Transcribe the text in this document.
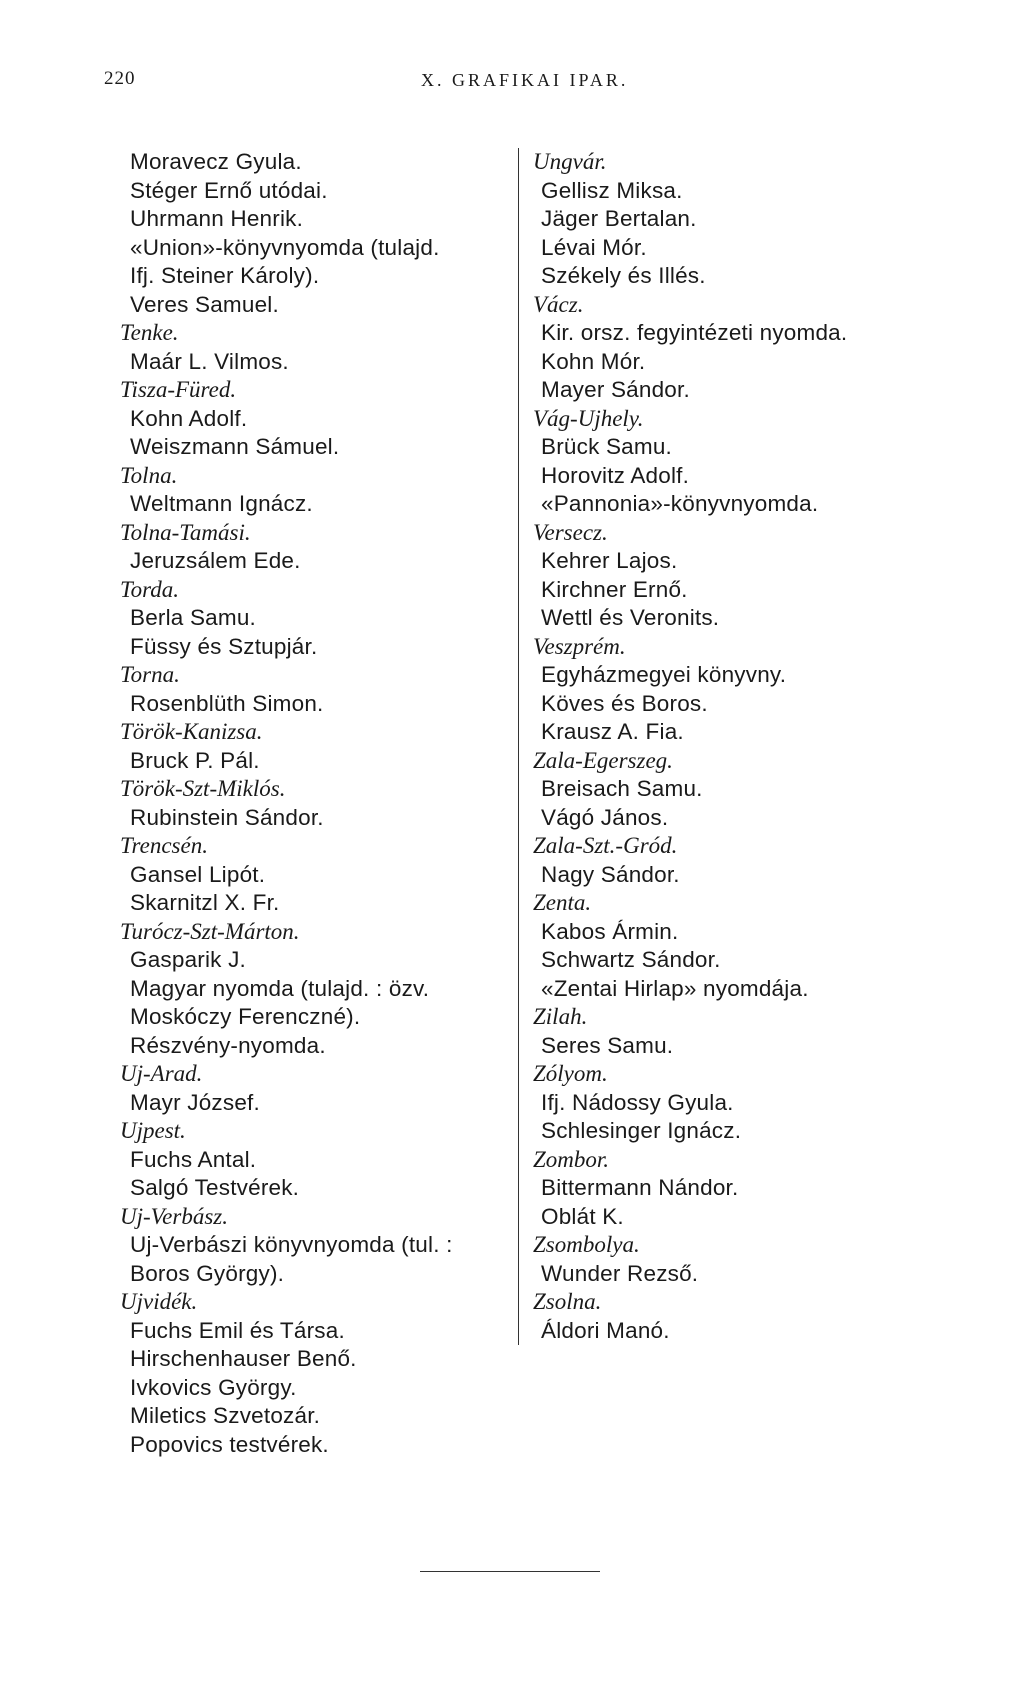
220	X. GRAFIKAI IPAR.
Moravecz Gyula.
Stéger Ernő utódai.
Uhrmann Henrik.
«Union»-könyvnyomda (tulajd.
Ifj. Steiner Károly).
Veres Samuel.
Tenke.
Maár L. Vilmos.
Tisza-Füred.
Kohn Adolf.
Weiszmann Sámuel.
Tolna.
Weltmann Ignácz.
Tolna-Tamási.
Jeruzsálem Ede.
Torda.
Berla Samu.
Füssy és Sztupjár.
Torna.
Rosenblüth Simon.
Török-Kanizsa.
Bruck P. Pál.
Török-Szt-Miklós.
Rubinstein Sándor.
Trencsén.
Gansel Lipót.
Skarnitzl X. Fr.
Turócz-Szt-Márton.
Gasparik J.
Magyar nyomda (tulajd. : özv.
Moskóczy Ferenczné).
Részvény-nyomda.
Uj-Arad.
Mayr József.
Ujpest.
Fuchs Antal.
Salgó Testvérek.
Uj-Verbász.
Uj-Verbászi könyvnyomda (tul. :
Boros György).
Ujvidék.
Fuchs Emil és Társa.
Hirschenhauser Benő.
Ivkovics György.
Miletics Szvetozár.
Popovics testvérek.
Ungvár.
Gellisz Miksa.
Jäger Bertalan.
Lévai Mór.
Székely és Illés.
Vácz.
Kir. orsz. fegyintézeti nyomda.
Kohn Mór.
Mayer Sándor.
Vág-Ujhely.
Brück Samu.
Horovitz Adolf.
«Pannonia»-könyvnyomda.
Versecz.
Kehrer Lajos.
Kirchner Ernő.
Wettl és Veronits.
Veszprém.
Egyházmegyei könyvny.
Köves és Boros.
Krausz A. Fia.
Zala-Egerszeg.
Breisach Samu.
Vágó János.
Zala-Szt.-Gród.
Nagy Sándor.
Zenta.
Kabos Ármin.
Schwartz Sándor.
«Zentai Hirlap» nyomdája.
Zilah.
Seres Samu.
Zólyom.
Ifj. Nádossy Gyula.
Schlesinger Ignácz.
Zombor.
Bittermann Nándor.
Oblát K.
Zsombolya.
Wunder Rezső.
Zsolna.
Áldori Manó.
